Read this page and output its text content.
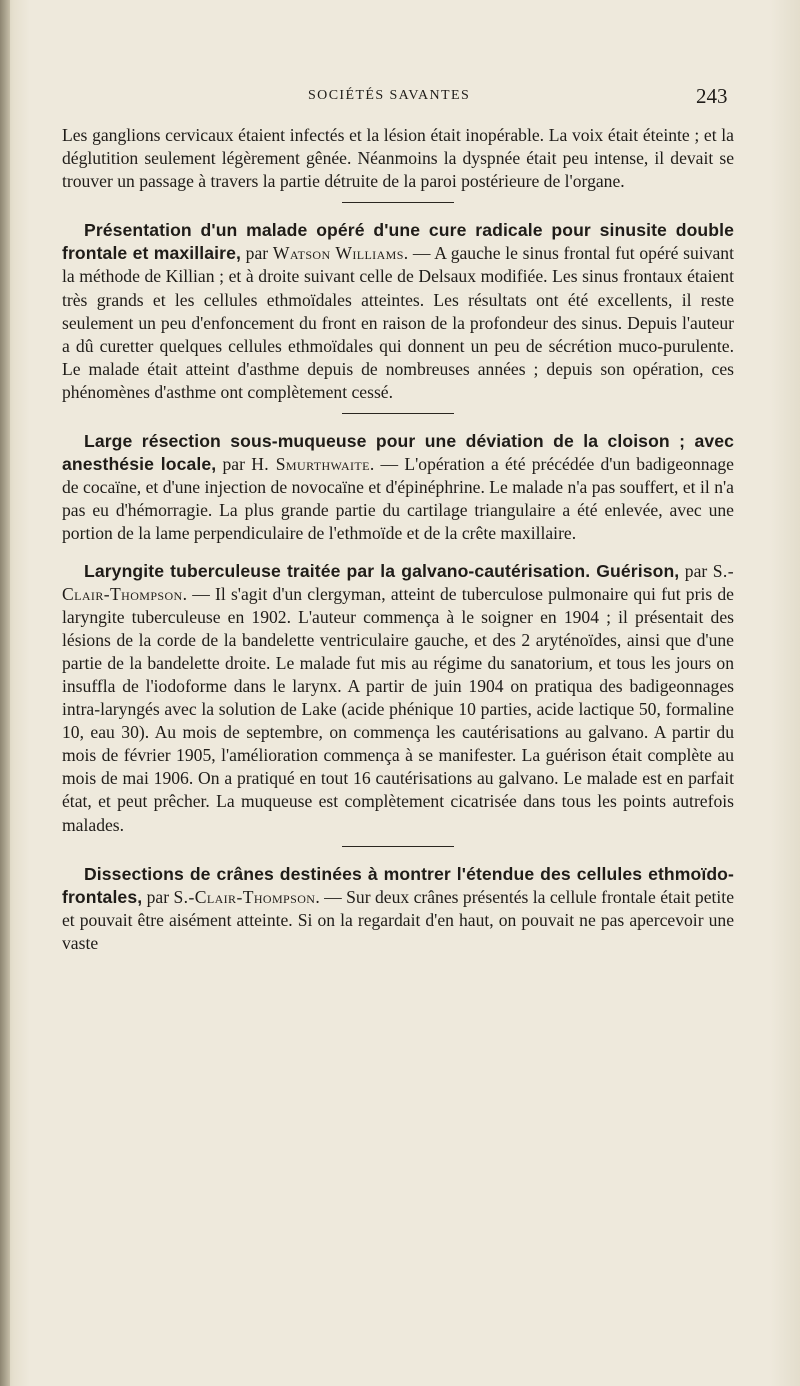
SOCIÉTÉS SAVANTES	243

Les ganglions cervicaux étaient infectés et la lésion était inopérable. La voix était éteinte ; et la déglutition seulement légèrement gênée. Néanmoins la dyspnée était peu intense, il devait se trouver un passage à travers la partie détruite de la paroi postérieure de l'organe.

Présentation d'un malade opéré d'une cure radicale pour sinusite double frontale et maxillaire, par Watson Williams. — A gauche le sinus frontal fut opéré suivant la méthode de Killian ; et à droite suivant celle de Delsaux modifiée. Les sinus frontaux étaient très grands et les cellules ethmoïdales atteintes. Les résultats ont été excellents, il reste seulement un peu d'enfoncement du front en raison de la profondeur des sinus. Depuis l'auteur a dû curetter quelques cellules ethmoïdales qui donnent un peu de sécrétion muco-purulente. Le malade était atteint d'asthme depuis de nombreuses années ; depuis son opération, ces phénomènes d'asthme ont complètement cessé.

Large résection sous-muqueuse pour une déviation de la cloison ; avec anesthésie locale, par H. Smurthwaite. — L'opération a été précédée d'un badigeonnage de cocaïne, et d'une injection de novocaïne et d'épinéphrine. Le malade n'a pas souffert, et il n'a pas eu d'hémorragie. La plus grande partie du cartilage triangulaire a été enlevée, avec une portion de la lame perpendiculaire de l'ethmoïde et de la crête maxillaire.

Laryngite tuberculeuse traitée par la galvano-cautérisation. Guérison, par S.-Clair-Thompson. — Il s'agit d'un clergyman, atteint de tuberculose pulmonaire qui fut pris de laryngite tuberculeuse en 1902. L'auteur commença à le soigner en 1904 ; il présentait des lésions de la corde de la bandelette ventriculaire gauche, et des 2 aryténoïdes, ainsi que d'une partie de la bandelette droite. Le malade fut mis au régime du sanatorium, et tous les jours on insuffla de l'iodoforme dans le larynx. A partir de juin 1904 on pratiqua des badigeonnages intra-laryngés avec la solution de Lake (acide phénique 10 parties, acide lactique 50, formaline 10, eau 30). Au mois de septembre, on commença les cautérisations au galvano. A partir du mois de février 1905, l'amélioration commença à se manifester. La guérison était complète au mois de mai 1906. On a pratiqué en tout 16 cautérisations au galvano. Le malade est en parfait état, et peut prêcher. La muqueuse est complètement cicatrisée dans tous les points autrefois malades.

Dissections de crânes destinées à montrer l'étendue des cellules ethmoïdo-frontales, par S.-Clair-Thompson. — Sur deux crânes présentés la cellule frontale était petite et pouvait être aisément atteinte. Si on la regardait d'en haut, on pouvait ne pas apercevoir une vaste
